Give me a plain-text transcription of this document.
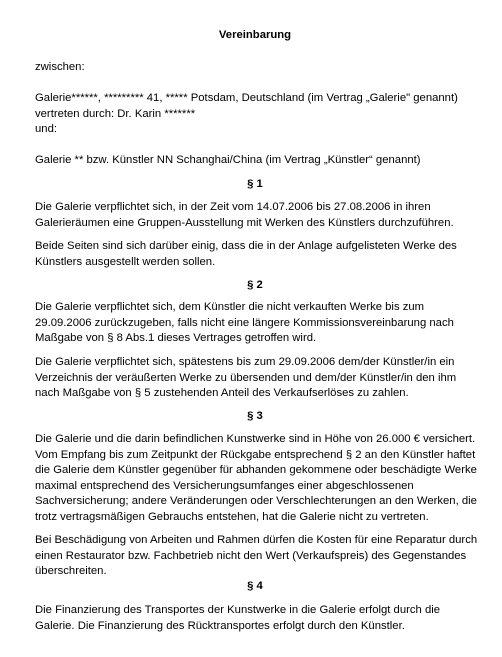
Vereinbarung
zwischen:
Galerie******, ********* 41, ***** Potsdam, Deutschland (im Vertrag „Galerie" genannt)
vertreten durch: Dr. Karin *******
und:
Galerie ** bzw. Künstler NN Schanghai/China (im Vertrag „Künstler“ genannt)
§ 1
Die Galerie verpflichtet sich, in der Zeit vom 14.07.2006 bis 27.08.2006 in ihren
Galerieräumen eine Gruppen-Ausstellung mit Werken des Künstlers durchzuführen.
Beide Seiten sind sich darüber einig, dass die in der Anlage aufgelisteten Werke des
Künstlers ausgestellt werden sollen.
§ 2
Die Galerie verpflichtet sich, dem Künstler die nicht verkauften Werke bis zum
29.09.2006 zurückzugeben, falls nicht eine längere Kommissionsvereinbarung nach
Maßgabe von § 8 Abs.1 dieses Vertrages getroffen wird.
Die Galerie verpflichtet sich, spätestens bis zum 29.09.2006 dem/der Künstler/in ein
Verzeichnis der veräußerten Werke zu übersenden und dem/der Künstler/in den ihm
nach Maßgabe von § 5 zustehenden Anteil des Verkaufserlöses zu zahlen.
§ 3
Die Galerie und die darin befindlichen Kunstwerke sind in Höhe von 26.000 € versichert.
Vom Empfang bis zum Zeitpunkt der Rückgabe entsprechend § 2 an den Künstler haftet
die Galerie dem Künstler gegenüber für abhanden gekommene oder beschädigte Werke
maximal entsprechend des Versicherungsumfanges einer abgeschlossenen
Sachversicherung; andere Veränderungen oder Verschlechterungen an den Werken, die
trotz vertragsmäßigen Gebrauchs entstehen, hat die Galerie nicht zu vertreten.
Bei Beschädigung von Arbeiten und Rahmen dürfen die Kosten für eine Reparatur durch
einen Restaurator bzw. Fachbetrieb nicht den Wert (Verkaufspreis) des Gegenstandes
überschreiten.
§ 4
Die Finanzierung des Transportes der Kunstwerke in die Galerie erfolgt durch die
Galerie. Die Finanzierung des Rücktransportes erfolgt durch den Künstler.
